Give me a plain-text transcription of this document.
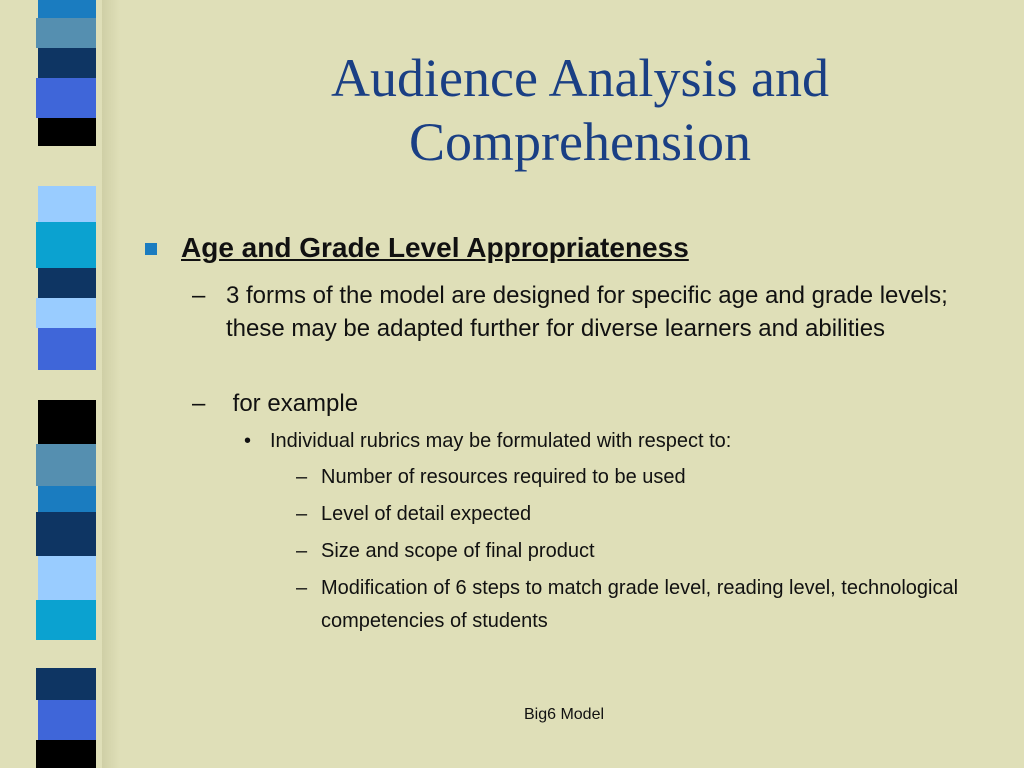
Audience Analysis and
Comprehension
Age and Grade Level Appropriateness
– 3 forms of the model are designed for specific age and grade levels; these may be adapted further for diverse learners and abilities
– for example
• Individual rubrics may be formulated with respect to:
– Number of resources required to be used
– Level of detail expected
– Size and scope of final product
– Modification of 6 steps to match grade level, reading level, technological competencies of students
Big6 Model
